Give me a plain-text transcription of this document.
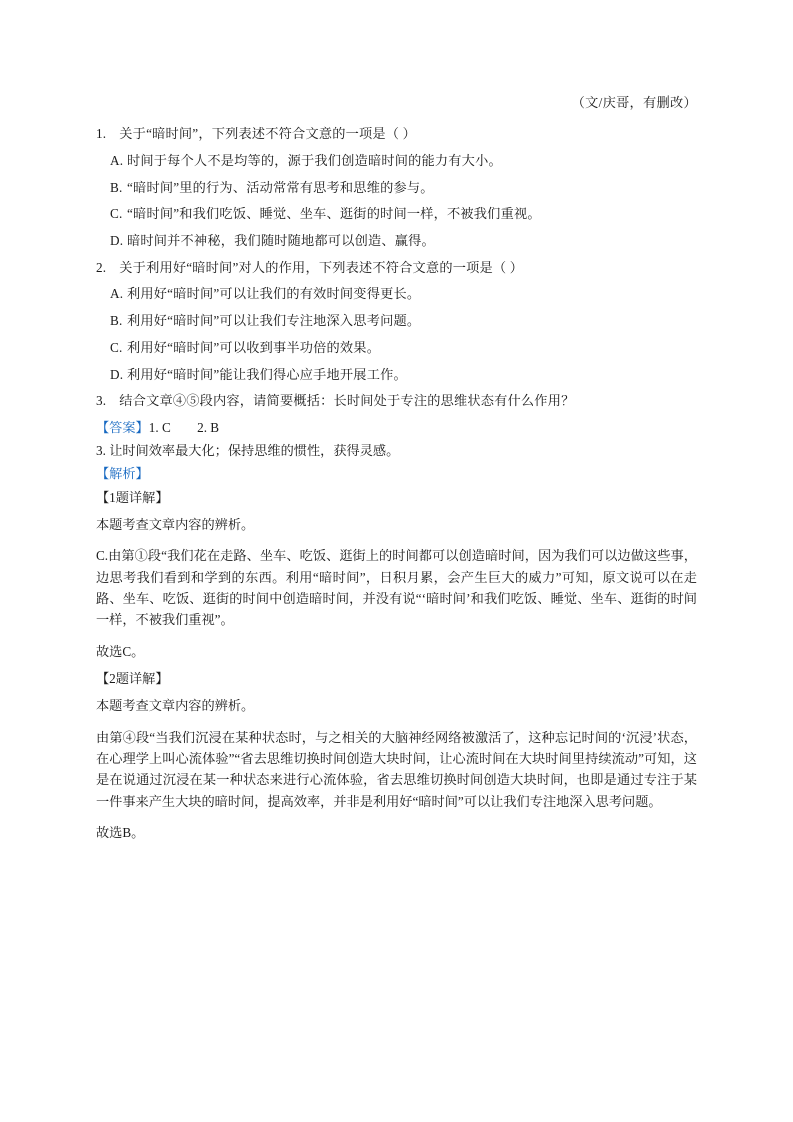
（文/庆哥，有删改）

1. 关于“暗时间”，下列表述不符合文意的一项是（ ）

A. 时间于每个人不是均等的，源于我们创造暗时间的能力有大小。

B. “暗时间”里的行为、活动常常有思考和思维的参与。

C. “暗时间”和我们吃饭、睡觉、坐车、逛街的时间一样，不被我们重视。

D. 暗时间并不神秘，我们随时随地都可以创造、赢得。

2. 关于利用好“暗时间”对人的作用，下列表述不符合文意的一项是（ ）

A. 利用好“暗时间”可以让我们的有效时间变得更长。

B. 利用好“暗时间”可以让我们专注地深入思考问题。

C. 利用好“暗时间”可以收到事半功倍的效果。

D. 利用好“暗时间”能让我们得心应手地开展工作。

3. 结合文章④⑤段内容，请简要概括：长时间处于专注的思维状态有什么作用？

【答案】1. C　　2. B

3. 让时间效率最大化；保持思维的惯性，获得灵感。

【解析】

【1题详解】

本题考查文章内容的辨析。

C.由第①段“我们花在走路、坐车、吃饭、逛街上的时间都可以创造暗时间，因为我们可以边做这些事，边思考我们看到和学到的东西。利用“暗时间”，日积月累，会产生巨大的威力”可知，原文说可以在走路、坐车、吃饭、逛街的时间中创造暗时间，并没有说“‘暗时间’和我们吃饭、睡觉、坐车、逛街的时间一样，不被我们重视”。

故选C。

【2题详解】

本题考查文章内容的辨析。

由第④段“当我们沉浸在某种状态时，与之相关的大脑神经网络被激活了，这种忘记时间的‘沉浸’状态，在心理学上叫心流体验”“省去思维切换时间创造大块时间，让心流时间在大块时间里持续流动”可知，这是在说通过沉浸在某一种状态来进行心流体验，省去思维切换时间创造大块时间，也即是通过专注于某一件事来产生大块的暗时间，提高效率，并非是利用好“暗时间”可以让我们专注地深入思考问题。

故选B。
